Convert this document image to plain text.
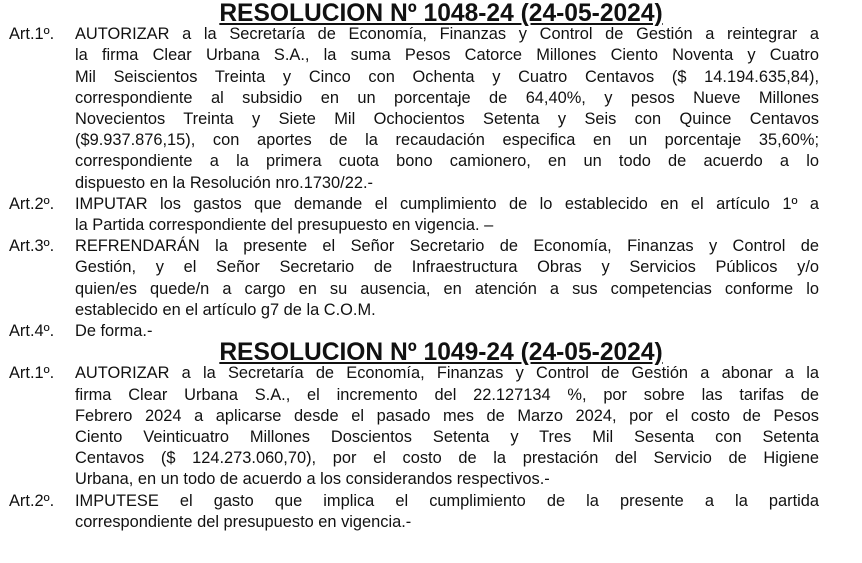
RESOLUCION Nº 1048-24 (24-05-2024)
Art.1º.	AUTORIZAR a la Secretaría de Economía, Finanzas y Control de Gestión a reintegrar a
la firma Clear Urbana S.A., la suma Pesos Catorce Millones Ciento Noventa y Cuatro
Mil Seiscientos Treinta y Cinco con Ochenta y Cuatro Centavos ($ 14.194.635,84),
correspondiente al subsidio en un porcentaje de 64,40%, y pesos Nueve Millones
Novecientos Treinta y Siete Mil Ochocientos Setenta y Seis con Quince Centavos
($9.937.876,15), con aportes de la recaudación especifica en un porcentaje 35,60%;
correspondiente a la primera cuota bono camionero, en un todo de acuerdo a lo
dispuesto en la Resolución nro.1730/22.-

Art.2º.	IMPUTAR los gastos que demande el cumplimiento de lo establecido en el artículo 1º a
la Partida correspondiente del presupuesto en vigencia. –

Art.3º.	REFRENDARÁN la presente el Señor Secretario de Economía, Finanzas y Control de
Gestión, y el Señor Secretario de Infraestructura Obras y Servicios Públicos y/o
quien/es quede/n a cargo en su ausencia, en atención a sus competencias conforme lo
establecido en el artículo g7 de la C.O.M.

Art.4º.	De forma.-

RESOLUCION Nº 1049-24 (24-05-2024)
Art.1º.	AUTORIZAR a la Secretaría de Economía, Finanzas y Control de Gestión a abonar a la
firma Clear Urbana S.A., el incremento del 22.127134 %, por sobre las tarifas de
Febrero 2024 a aplicarse desde el pasado mes de Marzo 2024, por el costo de Pesos
Ciento Veinticuatro Millones Doscientos Setenta y Tres Mil Sesenta con Setenta
Centavos ($ 124.273.060,70), por el costo de la prestación del Servicio de Higiene
Urbana, en un todo de acuerdo a los considerandos respectivos.-

Art.2º.	IMPUTESE el gasto que implica el cumplimiento de la presente a la partida
correspondiente del presupuesto en vigencia.-
